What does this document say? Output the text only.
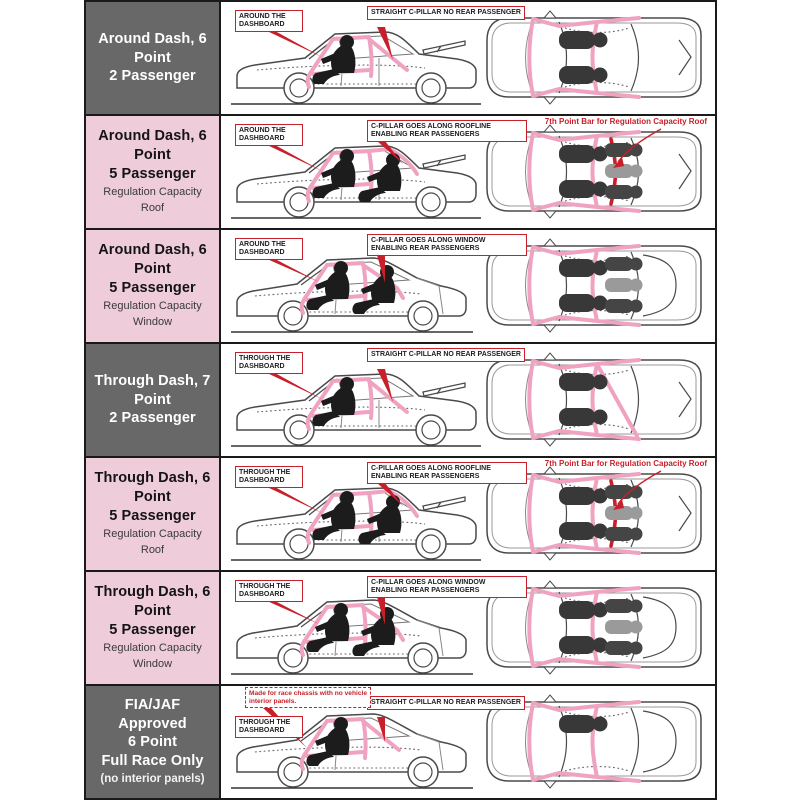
Around Dash, 6 Point
2 Passenger
AROUND THE DASHBOARD
STRAIGHT C-PILLAR NO REAR PASSENGER
Around Dash, 6 Point
5 Passenger
Regulation Capacity Roof
AROUND THE DASHBOARD
C-PILLAR GOES ALONG ROOFLINE ENABLING REAR PASSENGERS
7th Point Bar for Regulation Capacity Roof
Around Dash, 6 Point
5 Passenger
Regulation Capacity Window
AROUND THE DASHBOARD
C-PILLAR GOES ALONG WINDOW ENABLING REAR PASSENGERS
Through Dash, 7 Point
2 Passenger
THROUGH THE DASHBOARD
STRAIGHT C-PILLAR NO REAR PASSENGER
Through Dash, 6 Point
5 Passenger
Regulation Capacity Roof
THROUGH THE DASHBOARD
C-PILLAR GOES ALONG ROOFLINE ENABLING REAR PASSENGERS
7th Point Bar for Regulation Capacity Roof
Through Dash, 6 Point
5 Passenger
Regulation Capacity Window
THROUGH THE DASHBOARD
C-PILLAR GOES ALONG WINDOW ENABLING REAR PASSENGERS
FIA/JAF Approved
6 Point
Full Race Only
(no interior panels)
THROUGH THE DASHBOARD
STRAIGHT C-PILLAR NO REAR PASSENGER
Made for race chassis with no vehicle interior panels.
